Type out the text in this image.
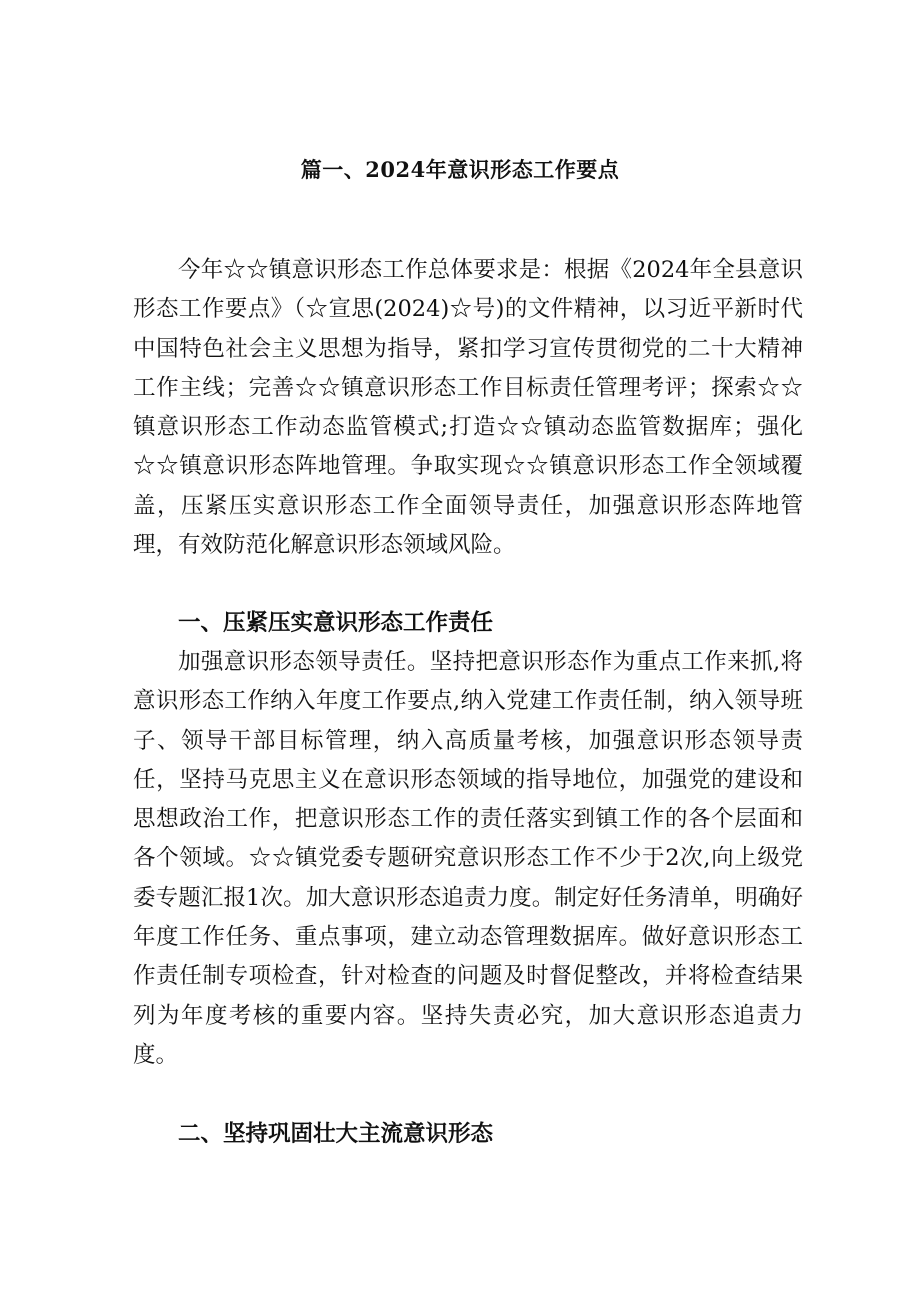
篇一、2024年意识形态工作要点

今年☆☆镇意识形态工作总体要求是：根据《2024年全县意识形态工作要点》（☆宣思(2024)☆号)的文件精神，以习近平新时代中国特色社会主义思想为指导，紧扣学习宣传贯彻党的二十大精神工作主线；完善☆☆镇意识形态工作目标责任管理考评；探索☆☆镇意识形态工作动态监管模式;打造☆☆镇动态监管数据库；强化☆☆镇意识形态阵地管理。争取实现☆☆镇意识形态工作全领域覆盖，压紧压实意识形态工作全面领导责任，加强意识形态阵地管理，有效防范化解意识形态领域风险。

一、压紧压实意识形态工作责任

加强意识形态领导责任。坚持把意识形态作为重点工作来抓,将意识形态工作纳入年度工作要点,纳入党建工作责任制，纳入领导班子、领导干部目标管理，纳入高质量考核，加强意识形态领导责任，坚持马克思主义在意识形态领域的指导地位，加强党的建设和思想政治工作，把意识形态工作的责任落实到镇工作的各个层面和各个领域。☆☆镇党委专题研究意识形态工作不少于2次,向上级党委专题汇报1次。加大意识形态追责力度。制定好任务清单，明确好年度工作任务、重点事项，建立动态管理数据库。做好意识形态工作责任制专项检查，针对检查的问题及时督促整改，并将检查结果列为年度考核的重要内容。坚持失责必究，加大意识形态追责力度。

二、坚持巩固壮大主流意识形态
